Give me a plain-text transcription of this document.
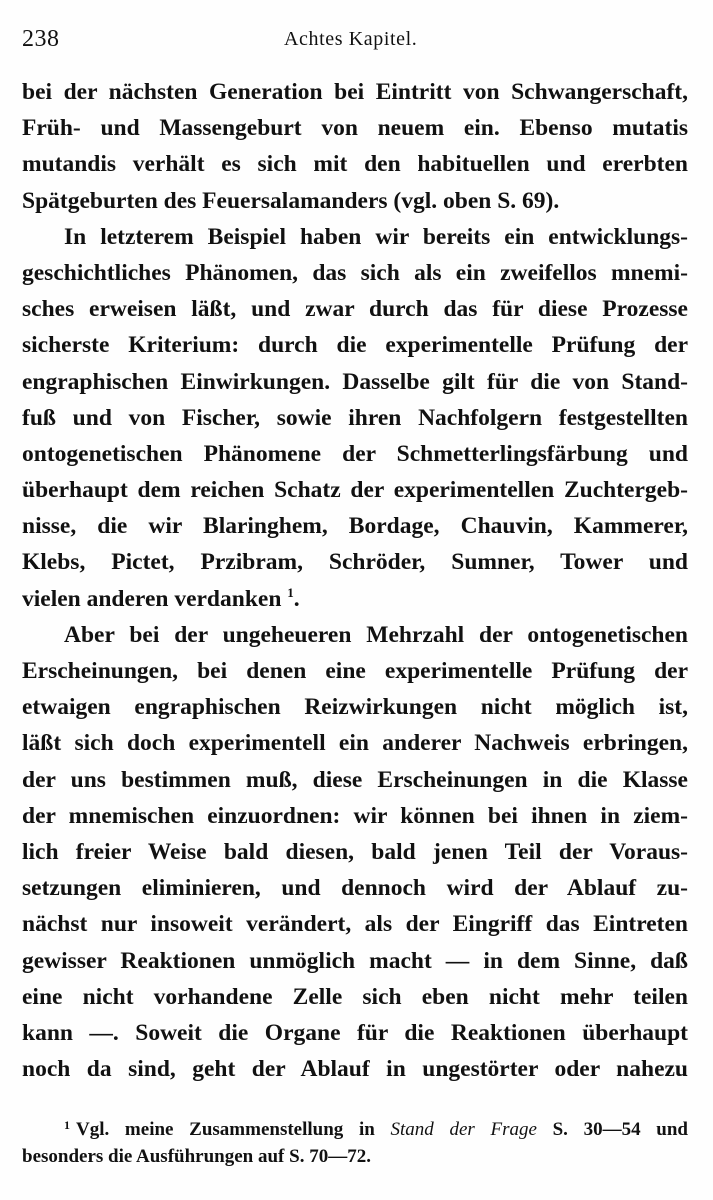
238	Achtes Kapitel.
bei der nächsten Generation bei Eintritt von Schwangerschaft,
Früh- und Massengeburt von neuem ein. Ebenso mutatis
mutandis verhält es sich mit den habituellen und ererbten
Spätgeburten des Feuersalamanders (vgl. oben S. 69).
In letzterem Beispiel haben wir bereits ein entwicklungs-
geschichtliches Phänomen, das sich als ein zweifellos mnemi-
sches erweisen läßt, und zwar durch das für diese Prozesse
sicherste Kriterium: durch die experimentelle Prüfung der
engraphischen Einwirkungen. Dasselbe gilt für die von Stand-
fuß und von Fischer, sowie ihren Nachfolgern festgestellten
ontogenetischen Phänomene der Schmetterlingsfärbung und
überhaupt dem reichen Schatz der experimentellen Zuchtergeb-
nisse, die wir Blaringhem, Bordage, Chauvin, Kammerer,
Klebs, Pictet, Przibram, Schröder, Sumner, Tower und
vielen anderen verdanken $^1$.
Aber bei der ungeheueren Mehrzahl der ontogenetischen
Erscheinungen, bei denen eine experimentelle Prüfung der
etwaigen engraphischen Reizwirkungen nicht möglich ist,
läßt sich doch experimentell ein anderer Nachweis erbringen,
der uns bestimmen muß, diese Erscheinungen in die Klasse
der mnemischen einzuordnen: wir können bei ihnen in ziem-
lich freier Weise bald diesen, bald jenen Teil der Voraus-
setzungen eliminieren, und dennoch wird der Ablauf zu-
nächst nur insoweit verändert, als der Eingriff das Eintreten
gewisser Reaktionen unmöglich macht — in dem Sinne, daß
eine nicht vorhandene Zelle sich eben nicht mehr teilen
kann —. Soweit die Organe für die Reaktionen überhaupt
noch da sind, geht der Ablauf in ungestörter oder nahezu
$^1$ Vgl. meine Zusammenstellung in Stand der Frage S. 30—54 und
besonders die Ausführungen auf S. 70—72.
